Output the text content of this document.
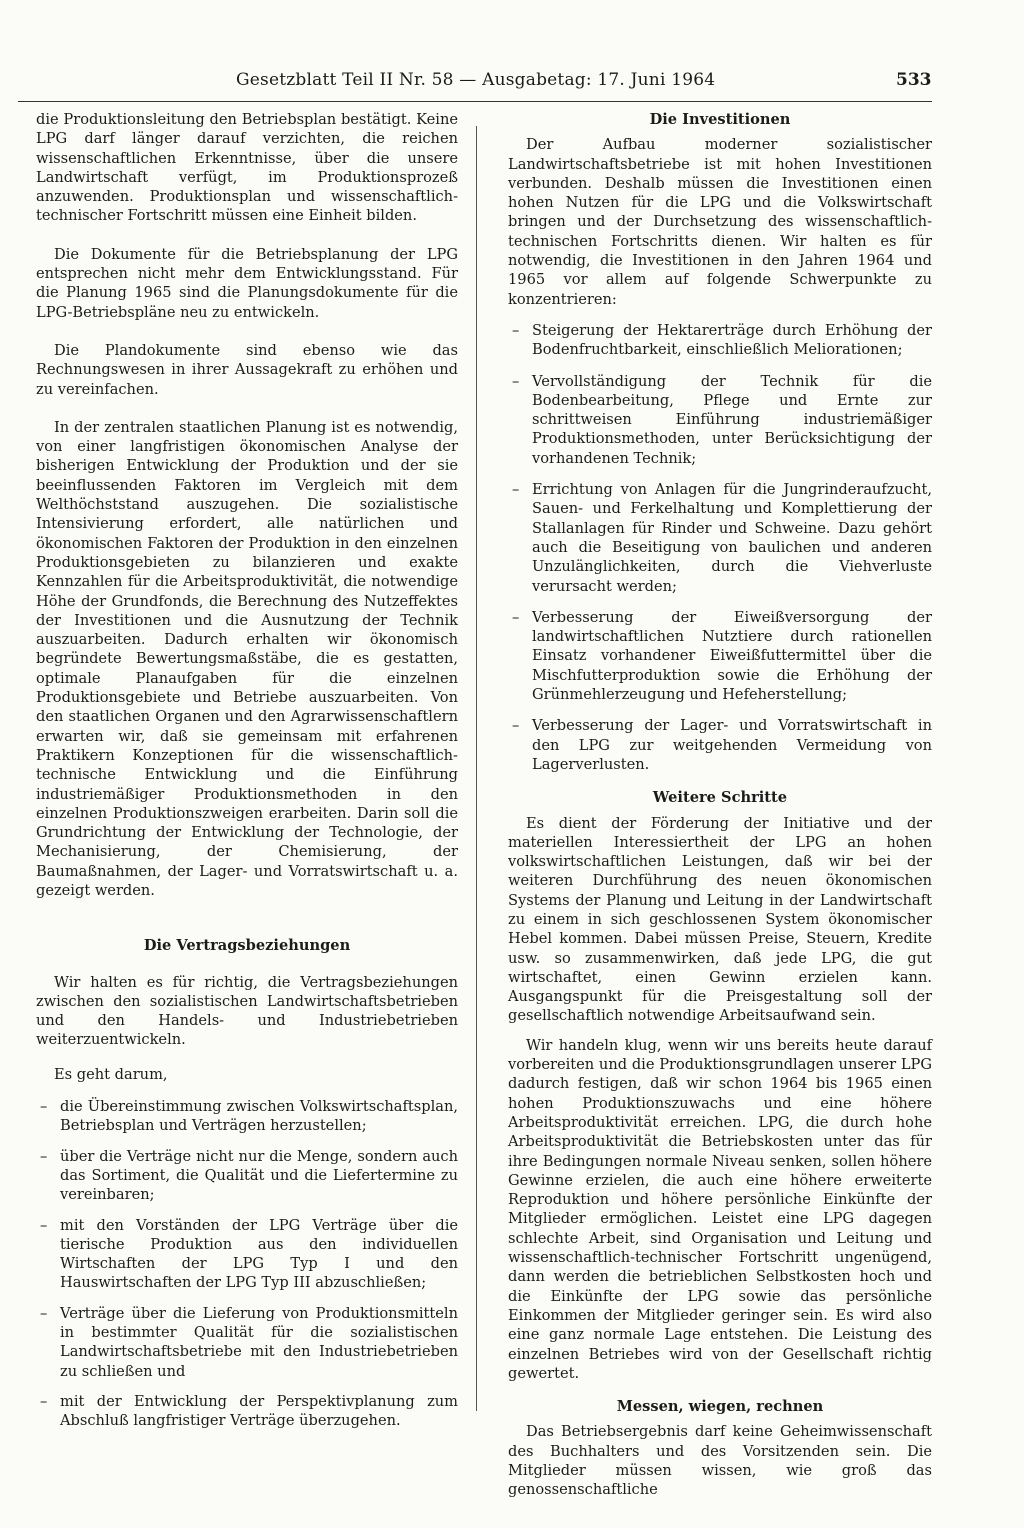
Gesetzblatt Teil II Nr. 58 — Ausgabetag: 17. Juni 1964	533

die Produktionsleitung den Betriebsplan bestätigt. Keine LPG darf länger darauf verzichten, die reichen wissenschaftlichen Erkenntnisse, über die unsere Landwirtschaft verfügt, im Produktionsprozeß anzuwenden. Produktionsplan und wissenschaftlich-technischer Fortschritt müssen eine Einheit bilden.

Die Dokumente für die Betriebsplanung der LPG entsprechen nicht mehr dem Entwicklungsstand. Für die Planung 1965 sind die Planungsdokumente für die LPG-Betriebspläne neu zu entwickeln.

Die Plandokumente sind ebenso wie das Rechnungswesen in ihrer Aussagekraft zu erhöhen und zu vereinfachen.

In der zentralen staatlichen Planung ist es notwendig, von einer langfristigen ökonomischen Analyse der bisherigen Entwicklung der Produktion und der sie beeinflussenden Faktoren im Vergleich mit dem Welthöchststand auszugehen. Die sozialistische Intensivierung erfordert, alle natürlichen und ökonomischen Faktoren der Produktion in den einzelnen Produktionsgebieten zu bilanzieren und exakte Kennzahlen für die Arbeitsproduktivität, die notwendige Höhe der Grundfonds, die Berechnung des Nutzeffektes der Investitionen und die Ausnutzung der Technik auszuarbeiten. Dadurch erhalten wir ökonomisch begründete Bewertungsmaßstäbe, die es gestatten, optimale Planaufgaben für die einzelnen Produktionsgebiete und Betriebe auszuarbeiten. Von den staatlichen Organen und den Agrarwissenschaftlern erwarten wir, daß sie gemeinsam mit erfahrenen Praktikern Konzeptionen für die wissenschaftlich-technische Entwicklung und die Einführung industriemäßiger Produktionsmethoden in den einzelnen Produktionszweigen erarbeiten. Darin soll die Grundrichtung der Entwicklung der Technologie, der Mechanisierung, der Chemisierung, der Baumaßnahmen, der Lager- und Vorratswirtschaft u. a. gezeigt werden.

Die Vertragsbeziehungen

Wir halten es für richtig, die Vertragsbeziehungen zwischen den sozialistischen Landwirtschaftsbetrieben und den Handels- und Industriebetrieben weiterzuentwickeln.

Es geht darum,

– die Übereinstimmung zwischen Volkswirtschaftsplan, Betriebsplan und Verträgen herzustellen;
– über die Verträge nicht nur die Menge, sondern auch das Sortiment, die Qualität und die Liefertermine zu vereinbaren;
– mit den Vorständen der LPG Verträge über die tierische Produktion aus den individuellen Wirtschaften der LPG Typ I und den Hauswirtschaften der LPG Typ III abzuschließen;
– Verträge über die Lieferung von Produktionsmitteln in bestimmter Qualität für die sozialistischen Landwirtschaftsbetriebe mit den Industriebetrieben zu schließen und
– mit der Entwicklung der Perspektivplanung zum Abschluß langfristiger Verträge überzugehen.
Die Investitionen

Der Aufbau moderner sozialistischer Landwirtschaftsbetriebe ist mit hohen Investitionen verbunden. Deshalb müssen die Investitionen einen hohen Nutzen für die LPG und die Volkswirtschaft bringen und der Durchsetzung des wissenschaftlich-technischen Fortschritts dienen. Wir halten es für notwendig, die Investitionen in den Jahren 1964 und 1965 vor allem auf folgende Schwerpunkte zu konzentrieren:

– Steigerung der Hektarerträge durch Erhöhung der Bodenfruchtbarkeit, einschließlich Meliorationen;
– Vervollständigung der Technik für die Bodenbearbeitung, Pflege und Ernte zur schrittweisen Einführung industriemäßiger Produktionsmethoden, unter Berücksichtigung der vorhandenen Technik;
– Errichtung von Anlagen für die Jungrinderaufzucht, Sauen- und Ferkelhaltung und Komplettierung der Stallanlagen für Rinder und Schweine. Dazu gehört auch die Beseitigung von baulichen und anderen Unzulänglichkeiten, durch die Viehverluste verursacht werden;
– Verbesserung der Eiweißversorgung der landwirtschaftlichen Nutztiere durch rationellen Einsatz vorhandener Eiweißfuttermittel über die Mischfutterproduktion sowie die Erhöhung der Grünmehlerzeugung und Hefeherstellung;
– Verbesserung der Lager- und Vorratswirtschaft in den LPG zur weitgehenden Vermeidung von Lagerverlusten.
Weitere Schritte

Es dient der Förderung der Initiative und der materiellen Interessiertheit der LPG an hohen volkswirtschaftlichen Leistungen, daß wir bei der weiteren Durchführung des neuen ökonomischen Systems der Planung und Leitung in der Landwirtschaft zu einem in sich geschlossenen System ökonomischer Hebel kommen. Dabei müssen Preise, Steuern, Kredite usw. so zusammenwirken, daß jede LPG, die gut wirtschaftet, einen Gewinn erzielen kann. Ausgangspunkt für die Preisgestaltung soll der gesellschaftlich notwendige Arbeitsaufwand sein.

Wir handeln klug, wenn wir uns bereits heute darauf vorbereiten und die Produktionsgrundlagen unserer LPG dadurch festigen, daß wir schon 1964 bis 1965 einen hohen Produktionszuwachs und eine höhere Arbeitsproduktivität erreichen. LPG, die durch hohe Arbeitsproduktivität die Betriebskosten unter das für ihre Bedingungen normale Niveau senken, sollen höhere Gewinne erzielen, die auch eine höhere erweiterte Reproduktion und höhere persönliche Einkünfte der Mitglieder ermöglichen. Leistet eine LPG dagegen schlechte Arbeit, sind Organisation und Leitung und wissenschaftlich-technischer Fortschritt ungenügend, dann werden die betrieblichen Selbstkosten hoch und die Einkünfte der LPG sowie das persönliche Einkommen der Mitglieder geringer sein. Es wird also eine ganz normale Lage entstehen. Die Leistung des einzelnen Betriebes wird von der Gesellschaft richtig gewertet.

Messen, wiegen, rechnen

Das Betriebsergebnis darf keine Geheimwissenschaft des Buchhalters und des Vorsitzenden sein. Die Mitglieder müssen wissen, wie groß das genossenschaftliche
